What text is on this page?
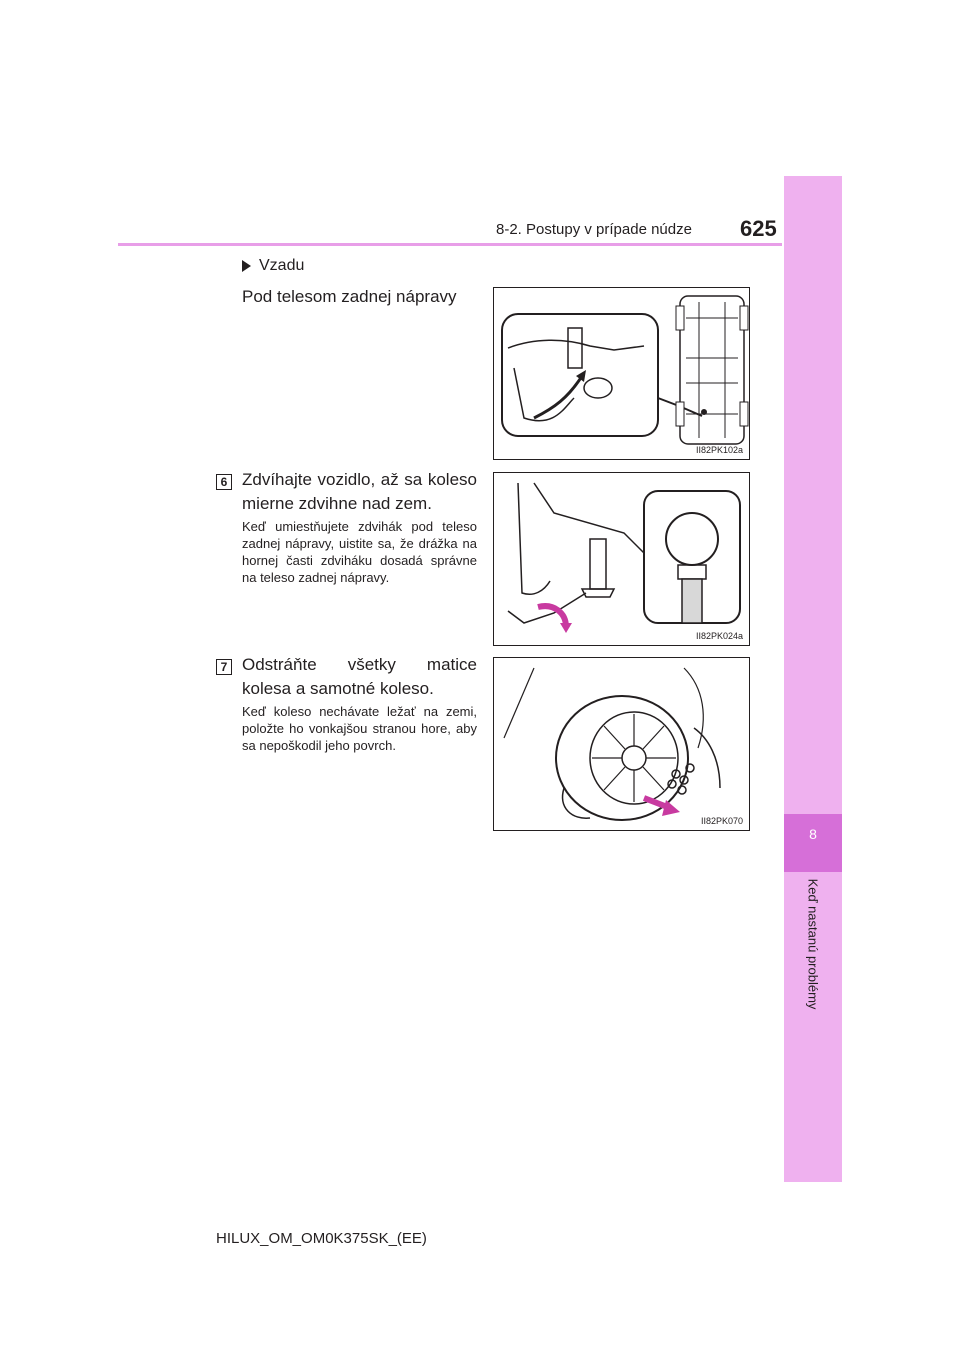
8
Keď nastanú problémy
8-2. Postupy v prípade núdze 625
Vzadu
Pod telesom zadnej nápravy
II82PK102a
6 Zdvíhajte vozidlo, až sa koleso mierne zdvihne nad zem.
Keď umiestňujete zdvihák pod teleso zadnej nápravy, uistite sa, že drážka na hornej časti zdviháku dosadá správne na teleso zadnej nápravy.
II82PK024a
7 Odstráňte všetky matice kolesa a samotné koleso.
Keď koleso nechávate ležať na zemi, položte ho vonkajšou stranou hore, aby sa nepoškodil jeho povrch.
II82PK070
HILUX_OM_OM0K375SK_(EE)
